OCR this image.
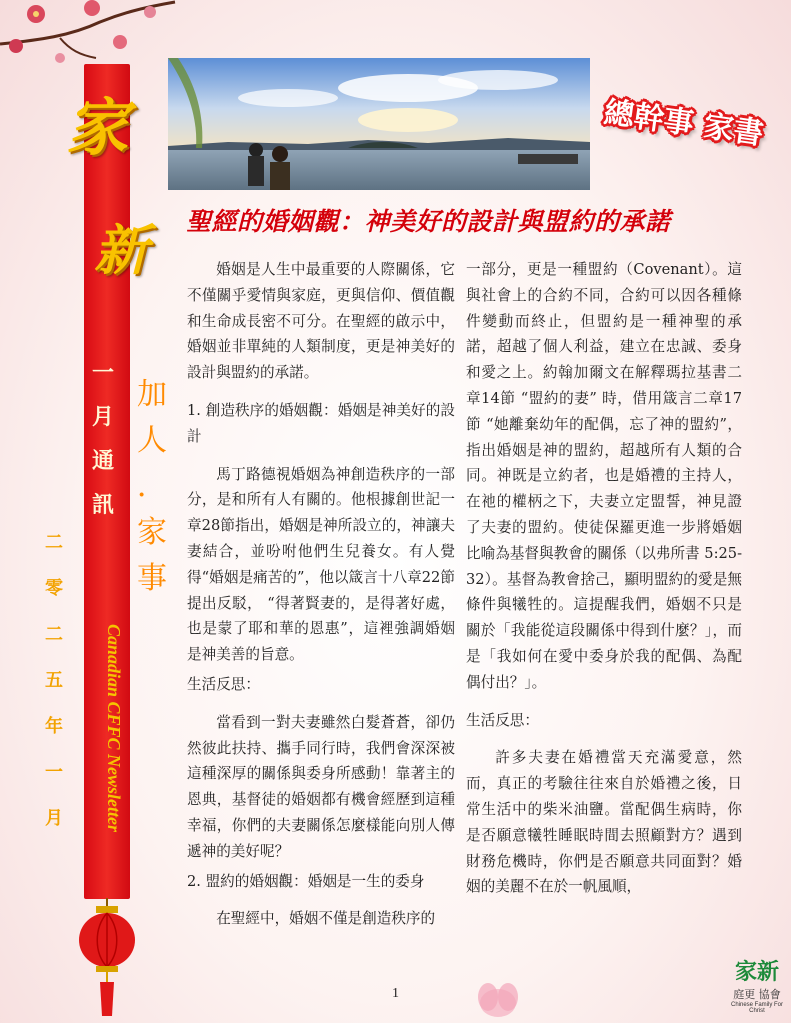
家
新
一
月
通
訊
加
人
．
家
事
二
零
二
五
年
一
月 Canadian CFFC Newsletter
總幹事 家書
聖經的婚姻觀：神美好的設計與盟約的承諾

婚姻是人生中最重要的人際關係，它不僅關乎愛情與家庭，更與信仰、價值觀和生命成長密不可分。在聖經的啟示中，婚姻並非單純的人類制度，更是神美好的設計與盟約的承諾。

1. 創造秩序的婚姻觀：婚姻是神美好的設計

馬丁路德視婚姻為神創造秩序的一部分，是和所有人有關的。他根據創世記一章28節指出，婚姻是神所設立的，神讓夫妻結合，並吩咐他們生兒養女。有人覺得“婚姻是痛苦的”，他以箴言十八章22節提出反駁， “得著賢妻的，是得著好處，也是蒙了耶和華的恩惠”，這裡強調婚姻是神美善的旨意。

生活反思：

當看到一對夫妻雖然白髮蒼蒼，卻仍然彼此扶持、攜手同行時，我們會深深被這種深厚的關係與委身所感動！靠著主的恩典，基督徒的婚姻都有機會經歷到這種幸福，你們的夫妻關係怎麼樣能向別人傳遞神的美好呢？

2. 盟約的婚姻觀：婚姻是一生的委身

在聖經中，婚姻不僅是創造秩序的

一部分，更是一種盟約（Covenant）。這與社會上的合約不同，合約可以因各種條件變動而終止，但盟約是一種神聖的承諾，超越了個人利益，建立在忠誠、委身和愛之上。約翰加爾文在解釋瑪拉基書二章14節 “盟約的妻” 時，借用箴言二章17節 “她離棄幼年的配偶，忘了神的盟約”，指出婚姻是神的盟約，超越所有人類的合同。神既是立約者，也是婚禮的主持人，在祂的權柄之下，夫妻立定盟誓，神見證了夫妻的盟約。使徒保羅更進一步將婚姻比喻為基督與教會的關係（以弗所書 5:25-32）。基督為教會捨己，顯明盟約的愛是無條件與犧牲的。這提醒我們，婚姻不只是關於「我能從這段關係中得到什麼？」，而是「我如何在愛中委身於我的配偶、為配偶付出？」。

生活反思：

許多夫妻在婚禮當天充滿愛意，然而，真正的考驗往往來自於婚禮之後，日常生活中的柴米油鹽。當配偶生病時，你是否願意犧牲睡眠時間去照顧對方？遇到財務危機時，你們是否願意共同面對？婚姻的美麗不在於一帆風順，

1
家新
庭更 協會
Chinese Family For Christ
